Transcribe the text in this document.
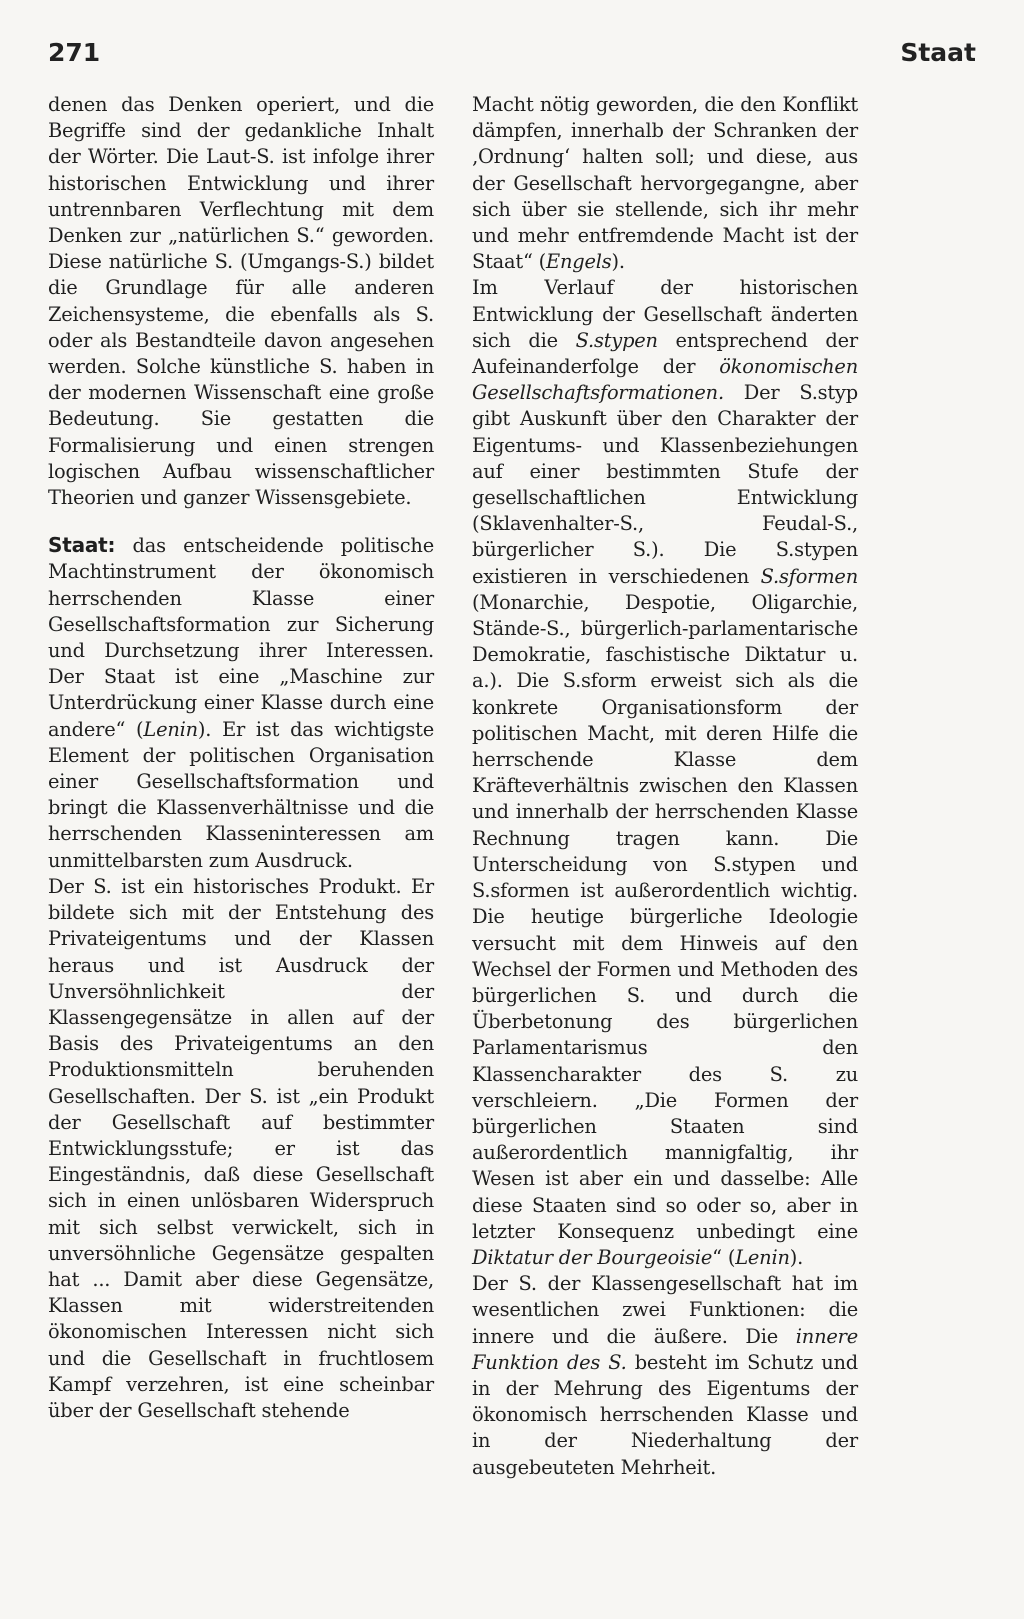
271	Staat

denen das Denken operiert, und die Begriffe sind der gedankliche Inhalt der Wörter. Die Laut-S. ist infolge ihrer historischen Entwicklung und ihrer untrennbaren Verflechtung mit dem Denken zur „natürlichen S.“ geworden. Diese natürliche S. (Umgangs-S.) bildet die Grundlage für alle anderen Zeichensysteme, die ebenfalls als S. oder als Bestandteile davon angesehen werden. Solche künstliche S. haben in der modernen Wissenschaft eine große Bedeutung. Sie gestatten die Formalisierung und einen strengen logischen Aufbau wissenschaftlicher Theorien und ganzer Wissensgebiete.

Staat: das entscheidende politische Machtinstrument der ökonomisch herrschenden Klasse einer Gesellschaftsformation zur Sicherung und Durchsetzung ihrer Interessen. Der Staat ist eine „Maschine zur Unterdrückung einer Klasse durch eine andere“ (Lenin). Er ist das wichtigste Element der politischen Organisation einer Gesellschaftsformation und bringt die Klassenverhältnisse und die herrschenden Klasseninteressen am unmittelbarsten zum Ausdruck.

Der S. ist ein historisches Produkt. Er bildete sich mit der Entstehung des Privateigentums und der Klassen heraus und ist Ausdruck der Unversöhnlichkeit der Klassengegensätze in allen auf der Basis des Privateigentums an den Produktionsmitteln beruhenden Gesellschaften. Der S. ist „ein Produkt der Gesellschaft auf bestimmter Entwicklungsstufe; er ist das Eingeständnis, daß diese Gesellschaft sich in einen unlösbaren Widerspruch mit sich selbst verwickelt, sich in unversöhnliche Gegensätze gespalten hat ... Damit aber diese Gegensätze, Klassen mit widerstreitenden ökonomischen Interessen nicht sich und die Gesellschaft in fruchtlosem Kampf verzehren, ist eine scheinbar über der Gesellschaft stehende

Macht nötig geworden, die den Konflikt dämpfen, innerhalb der Schranken der ‚Ordnung‘ halten soll; und diese, aus der Gesellschaft hervorgegangne, aber sich über sie stellende, sich ihr mehr und mehr entfremdende Macht ist der Staat“ (Engels).

Im Verlauf der historischen Entwicklung der Gesellschaft änderten sich die S.stypen entsprechend der Aufeinanderfolge der ökonomischen Gesellschaftsformationen. Der S.styp gibt Auskunft über den Charakter der Eigentums- und Klassenbeziehungen auf einer bestimmten Stufe der gesellschaftlichen Entwicklung (Sklavenhalter-S., Feudal-S., bürgerlicher S.). Die S.stypen existieren in verschiedenen S.sformen (Monarchie, Despotie, Oligarchie, Stände-S., bürgerlich-parlamentarische Demokratie, faschistische Diktatur u. a.). Die S.sform erweist sich als die konkrete Organisationsform der politischen Macht, mit deren Hilfe die herrschende Klasse dem Kräfteverhältnis zwischen den Klassen und innerhalb der herrschenden Klasse Rechnung tragen kann. Die Unterscheidung von S.stypen und S.sformen ist außerordentlich wichtig. Die heutige bürgerliche Ideologie versucht mit dem Hinweis auf den Wechsel der Formen und Methoden des bürgerlichen S. und durch die Überbetonung des bürgerlichen Parlamentarismus den Klassencharakter des S. zu verschleiern. „Die Formen der bürgerlichen Staaten sind außerordentlich mannigfaltig, ihr Wesen ist aber ein und dasselbe: Alle diese Staaten sind so oder so, aber in letzter Konsequenz unbedingt eine Diktatur der Bourgeoisie“ (Lenin).

Der S. der Klassengesellschaft hat im wesentlichen zwei Funktionen: die innere und die äußere. Die innere Funktion des S. besteht im Schutz und in der Mehrung des Eigentums der ökonomisch herrschenden Klasse und in der Niederhaltung der ausgebeuteten Mehrheit.
